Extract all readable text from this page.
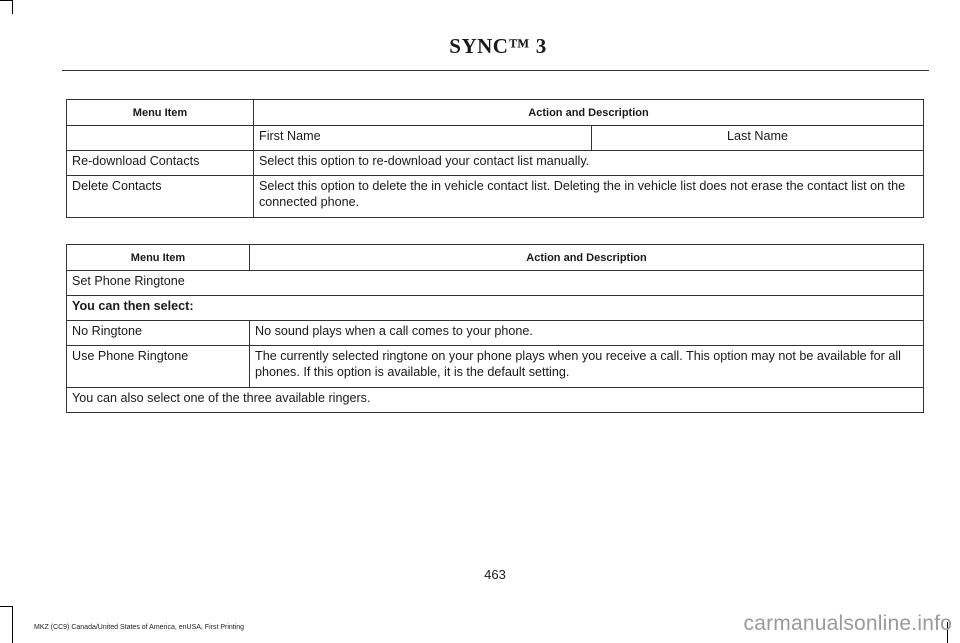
SYNC™ 3
Menu Item	Action and Description	
	First Name	Last Name
Re-download Contacts	Select this option to re-download your contact list manually.	
Delete Contacts	Select this option to delete the in vehicle contact list. Deleting the in vehicle list does not erase the contact list on the connected phone.	
Menu Item	Action and Description
Set Phone Ringtone	
You can then select:	
No Ringtone	No sound plays when a call comes to your phone.
Use Phone Ringtone	The currently selected ringtone on your phone plays when you receive a call. This option may not be available for all phones. If this option is available, it is the default setting.
You can also select one of the three available ringers.	
463
MKZ (CC9) Canada/United States of America, enUSA, First Printing	carmanualsonline.info
